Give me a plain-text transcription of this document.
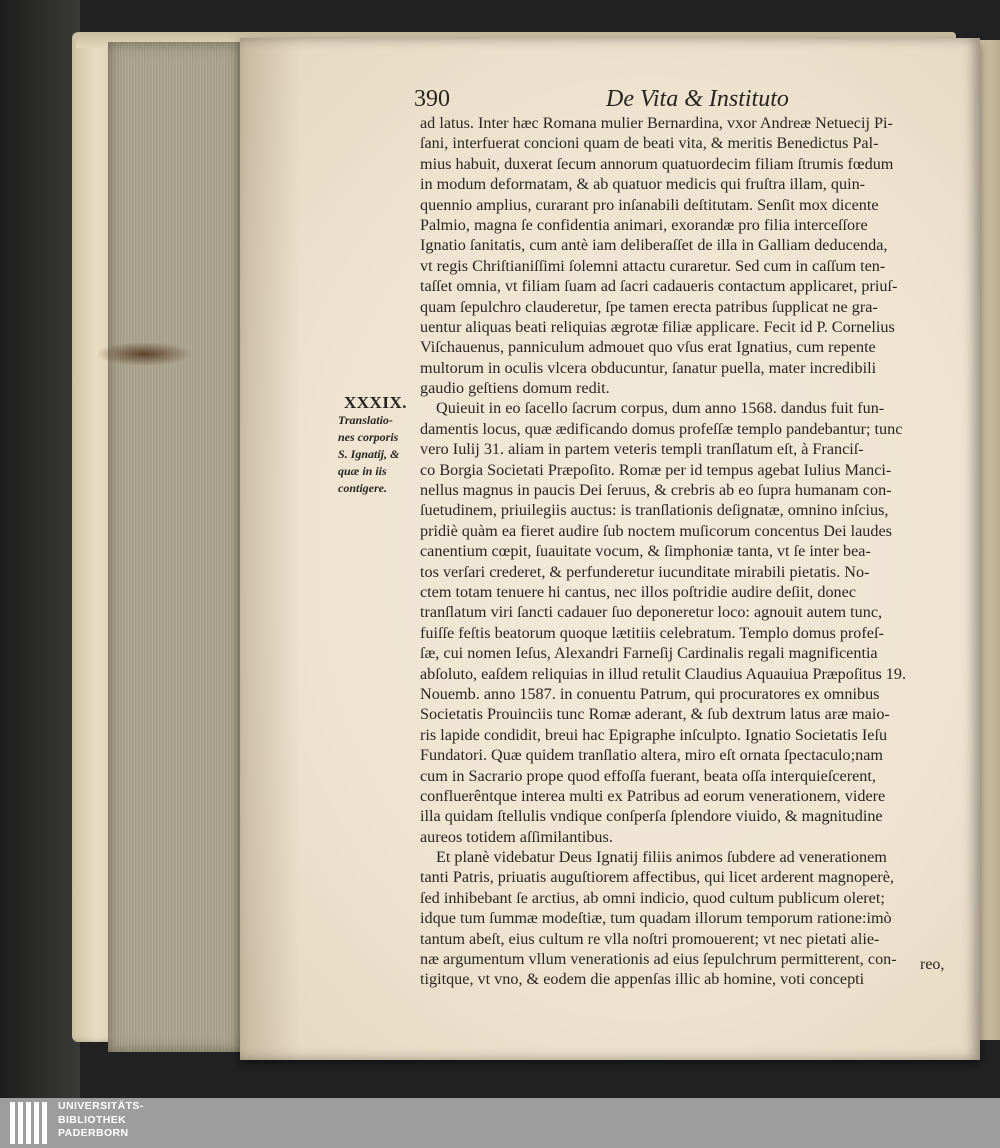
390	De Vita & Instituto
ad latus. Inter hæc Romana mulier Bernardina, vxor Andreæ Netuecij Pi-
ſani, interfuerat concioni quam de beati vita, & meritis Benedictus Pal-
mius habuit, duxerat ſecum annorum quatuordecim filiam ſtrumis fœdum
in modum deformatam, & ab quatuor medicis qui fruſtra illam, quin-
quennio amplius, curarant pro inſanabili deſtitutam. Senſit mox dicente
Palmio, magna ſe confidentia animari, exorandæ pro filia interceſſore
Ignatio ſanitatis, cum antè iam deliberaſſet de illa in Galliam deducenda,
vt regis Chriſtianiſſimi ſolemni attactu curaretur. Sed cum in caſſum ten-
taſſet omnia, vt filiam ſuam ad ſacri cadaueris contactum applicaret, priuſ-
quam ſepulchro clauderetur, ſpe tamen erecta patribus ſupplicat ne gra-
uentur aliquas beati reliquias ægrotæ filiæ applicare. Fecit id P. Cornelius
Viſchauenus, panniculum admouet quo vſus erat Ignatius, cum repente
multorum in oculis vlcera obducuntur, ſanatur puella, mater incredibili
gaudio geſtiens domum redit.
Quieuit in eo ſacello ſacrum corpus, dum anno 1568. dandus fuit fun-
damentis locus, quæ ædificando domus profeſſæ templo pandebantur; tunc
vero Iulij 31. aliam in partem veteris templi tranſlatum eſt, à Franciſ-
co Borgia Societati Præpoſito. Romæ per id tempus agebat Iulius Manci-
nellus magnus in paucis Dei ſeruus, & crebris ab eo ſupra humanam con-
ſuetudinem, priuilegiis auctus: is tranſlationis deſignatæ, omnino inſcius,
pridiè quàm ea fieret audire ſub noctem muſicorum concentus Dei laudes
canentium cœpit, ſuauitate vocum, & ſimphoniæ tanta, vt ſe inter bea-
tos verſari crederet, & perfunderetur iucunditate mirabili pietatis. No-
ctem totam tenuere hi cantus, nec illos poſtridie audire deſiit, donec
tranſlatum viri ſancti cadauer ſuo deponeretur loco: agnouit autem tunc,
fuiſſe feſtis beatorum quoque lætitiis celebratum. Templo domus profeſ-
ſæ, cui nomen Ieſus, Alexandri Farneſij Cardinalis regali magnificentia
abſoluto, eaſdem reliquias in illud retulit Claudius Aquauiua Præpoſitus 19.
Nouemb. anno 1587. in conuentu Patrum, qui procuratores ex omnibus
Societatis Prouinciis tunc Romæ aderant, & ſub dextrum latus aræ maio-
ris lapide condidit, breui hac Epigraphe inſculpto. Ignatio Societatis Ieſu
Fundatori. Quæ quidem tranſlatio altera, miro eſt ornata ſpectaculo;nam
cum in Sacrario prope quod effoſſa fuerant, beata oſſa interquieſcerent,
confluerêntque interea multi ex Patribus ad eorum venerationem, videre
illa quidam ſtellulis vndique conſperſa ſplendore viuido, & magnitudine
aureos totidem aſſimilantibus.
Et planè videbatur Deus Ignatij filiis animos ſubdere ad venerationem
tanti Patris, priuatis auguſtiorem affectibus, qui licet arderent magnoperè,
ſed inhibebant ſe arctius, ab omni indicio, quod cultum publicum oleret;
idque tum ſummæ modeſtiæ, tum quadam illorum temporum ratione:imò
tantum abeſt, eius cultum re vlla noſtri promouerent; vt nec pietati alie-
næ argumentum vllum venerationis ad eius ſepulchrum permitterent, con-
tigitque, vt vno, & eodem die appenſas illic ab homine, voti concepti
XXXIX.
Translatio-
nes corporis
S. Ignatij, &
quæ in iis
contigere.
reo,
UNIVERSITÄTS-
BIBLIOTHEK
PADERBORN
